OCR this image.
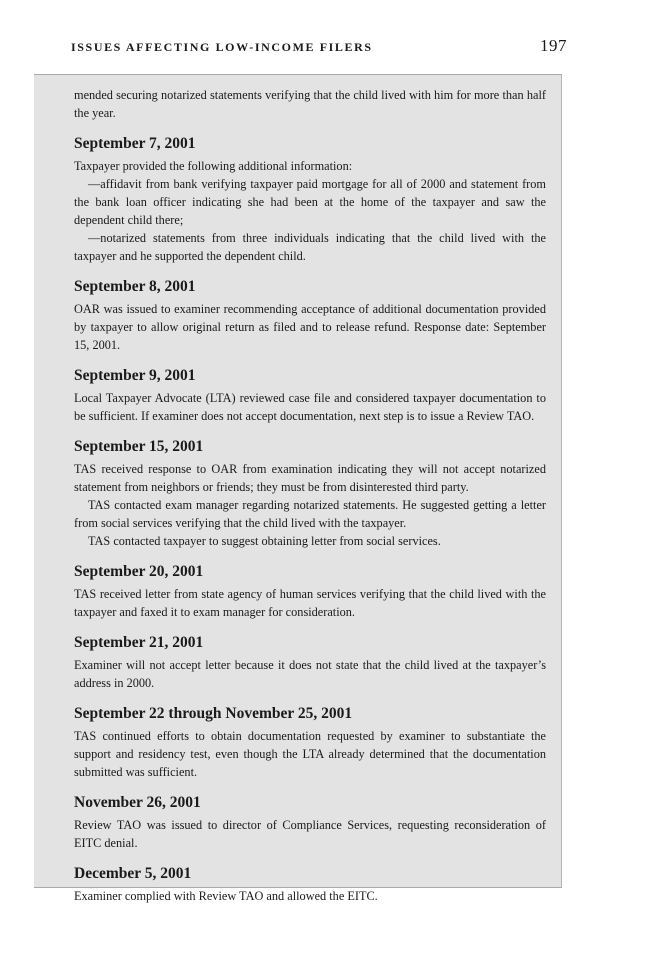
ISSUES AFFECTING LOW-INCOME FILERS	197

mended securing notarized statements verifying that the child lived with him for more than half the year.

September 7, 2001

Taxpayer provided the following additional information:

—affidavit from bank verifying taxpayer paid mortgage for all of 2000 and statement from the bank loan officer indicating she had been at the home of the taxpayer and saw the dependent child there;

—notarized statements from three individuals indicating that the child lived with the taxpayer and he supported the dependent child.

September 8, 2001

OAR was issued to examiner recommending acceptance of additional documentation provided by taxpayer to allow original return as filed and to release refund. Response date: September 15, 2001.

September 9, 2001

Local Taxpayer Advocate (LTA) reviewed case file and considered taxpayer documentation to be sufficient. If examiner does not accept documentation, next step is to issue a Review TAO.

September 15, 2001

TAS received response to OAR from examination indicating they will not accept notarized statement from neighbors or friends; they must be from disinterested third party.

TAS contacted exam manager regarding notarized statements. He suggested getting a letter from social services verifying that the child lived with the taxpayer.

TAS contacted taxpayer to suggest obtaining letter from social services.

September 20, 2001

TAS received letter from state agency of human services verifying that the child lived with the taxpayer and faxed it to exam manager for consideration.

September 21, 2001

Examiner will not accept letter because it does not state that the child lived at the taxpayer’s address in 2000.

September 22 through November 25, 2001

TAS continued efforts to obtain documentation requested by examiner to substantiate the support and residency test, even though the LTA already determined that the documentation submitted was sufficient.

November 26, 2001

Review TAO was issued to director of Compliance Services, requesting reconsideration of EITC denial.

December 5, 2001

Examiner complied with Review TAO and allowed the EITC.
